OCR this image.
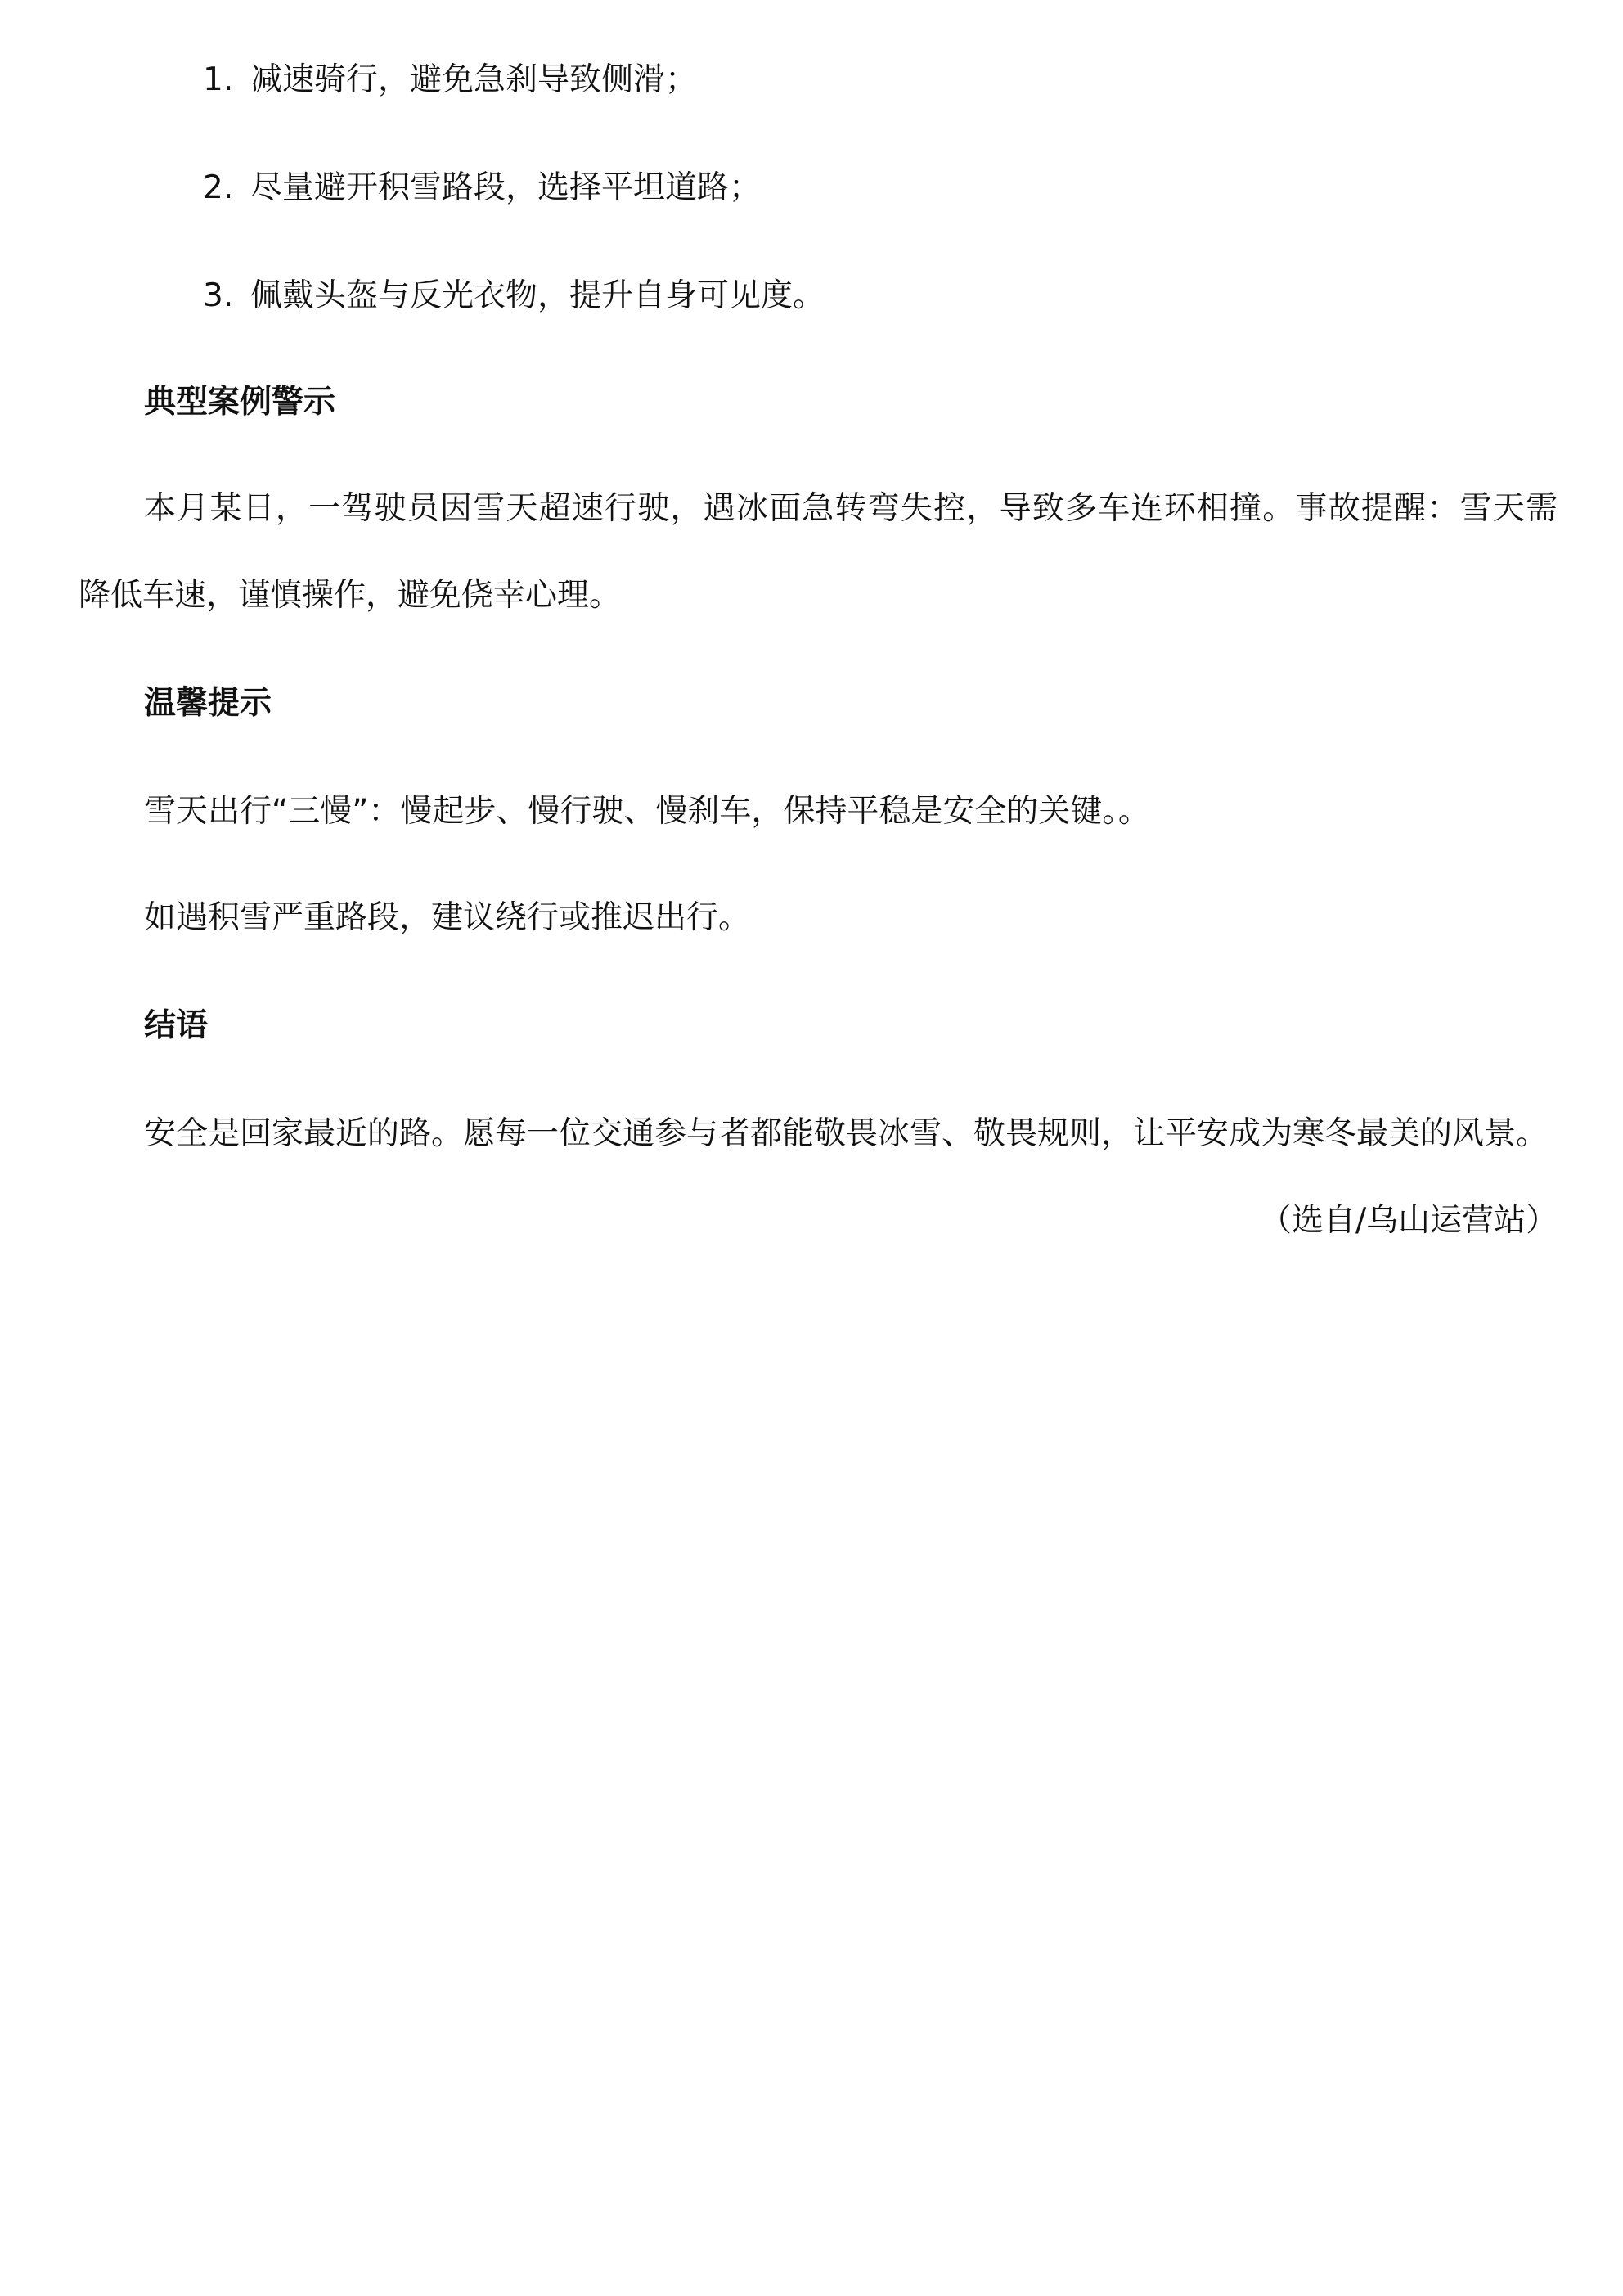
1. 减速骑行，避免急刹导致侧滑；
2. 尽量避开积雪路段，选择平坦道路；
3. 佩戴头盔与反光衣物，提升自身可见度。
典型案例警示
本月某日，一驾驶员因雪天超速行驶，遇冰面急转弯失控，导致多车连环相撞。事故提醒：雪天需
降低车速，谨慎操作，避免侥幸心理。
温馨提示
雪天出行“三慢”：慢起步、慢行驶、慢刹车，保持平稳是安全的关键。。
如遇积雪严重路段，建议绕行或推迟出行。
结语
安全是回家最近的路。愿每一位交通参与者都能敬畏冰雪、敬畏规则，让平安成为寒冬最美的风景。
（选自/乌山运营站）
